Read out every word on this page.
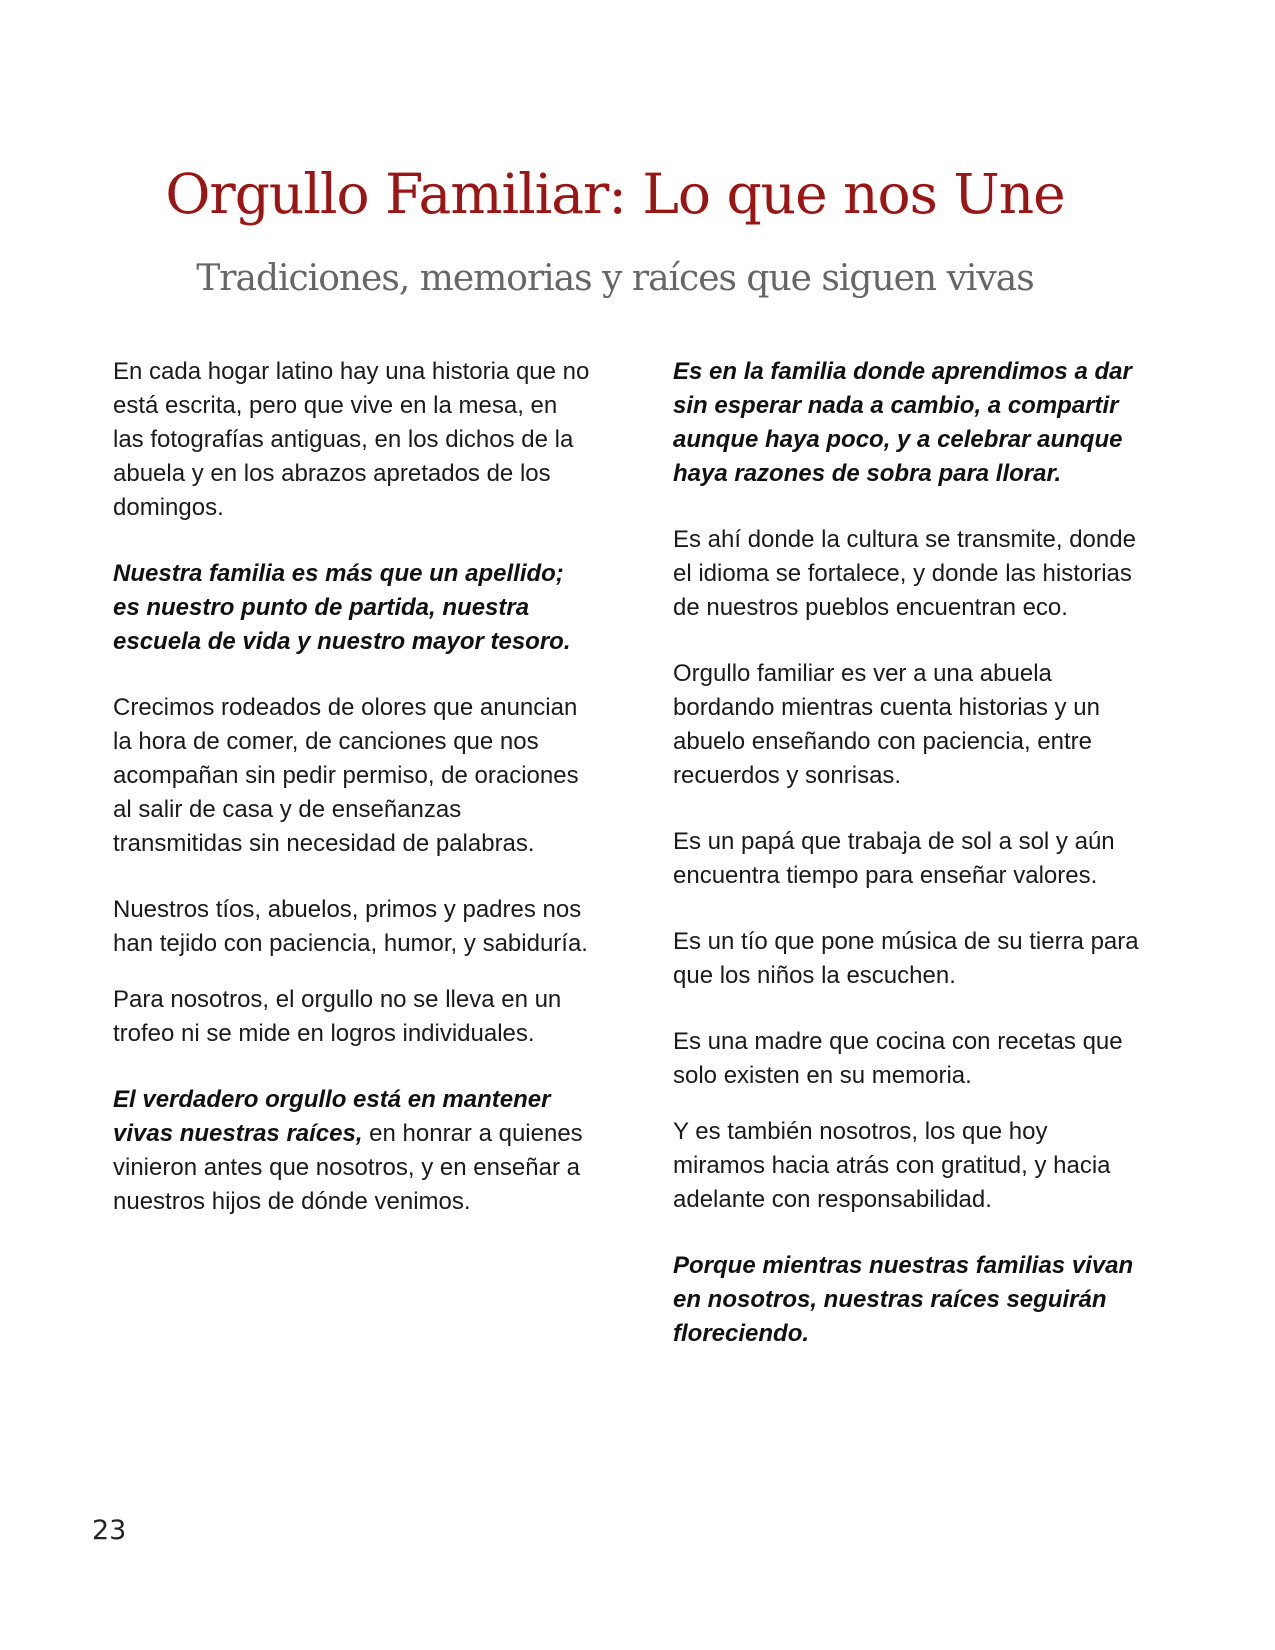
Orgullo Familiar: Lo que nos Une
Tradiciones, memorias y raíces que siguen vivas

En cada hogar latino hay una historia que no está escrita, pero que vive en la mesa, en las fotografías antiguas, en los dichos de la abuela y en los abrazos apretados de los domingos.

Nuestra familia es más que un apellido; es nuestro punto de partida, nuestra escuela de vida y nuestro mayor tesoro.

Crecimos rodeados de olores que anuncian la hora de comer, de canciones que nos acompañan sin pedir permiso, de oraciones al salir de casa y de enseñanzas transmitidas sin necesidad de palabras.

Nuestros tíos, abuelos, primos y padres nos han tejido con paciencia, humor, y sabiduría.

Para nosotros, el orgullo no se lleva en un trofeo ni se mide en logros individuales.

El verdadero orgullo está en mantener vivas nuestras raíces, en honrar a quienes vinieron antes que nosotros, y en enseñar a nuestros hijos de dónde venimos.

Es en la familia donde aprendimos a dar sin esperar nada a cambio, a compartir aunque haya poco, y a celebrar aunque haya razones de sobra para llorar.

Es ahí donde la cultura se transmite, donde el idioma se fortalece, y donde las historias de nuestros pueblos encuentran eco.

Orgullo familiar es ver a una abuela bordando mientras cuenta historias y un abuelo enseñando con paciencia, entre recuerdos y sonrisas.

Es un papá que trabaja de sol a sol y aún encuentra tiempo para enseñar valores.

Es un tío que pone música de su tierra para que los niños la escuchen.

Es una madre que cocina con recetas que solo existen en su memoria.

Y es también nosotros, los que hoy miramos hacia atrás con gratitud, y hacia adelante con responsabilidad.

Porque mientras nuestras familias vivan en nosotros, nuestras raíces seguirán floreciendo.

23
